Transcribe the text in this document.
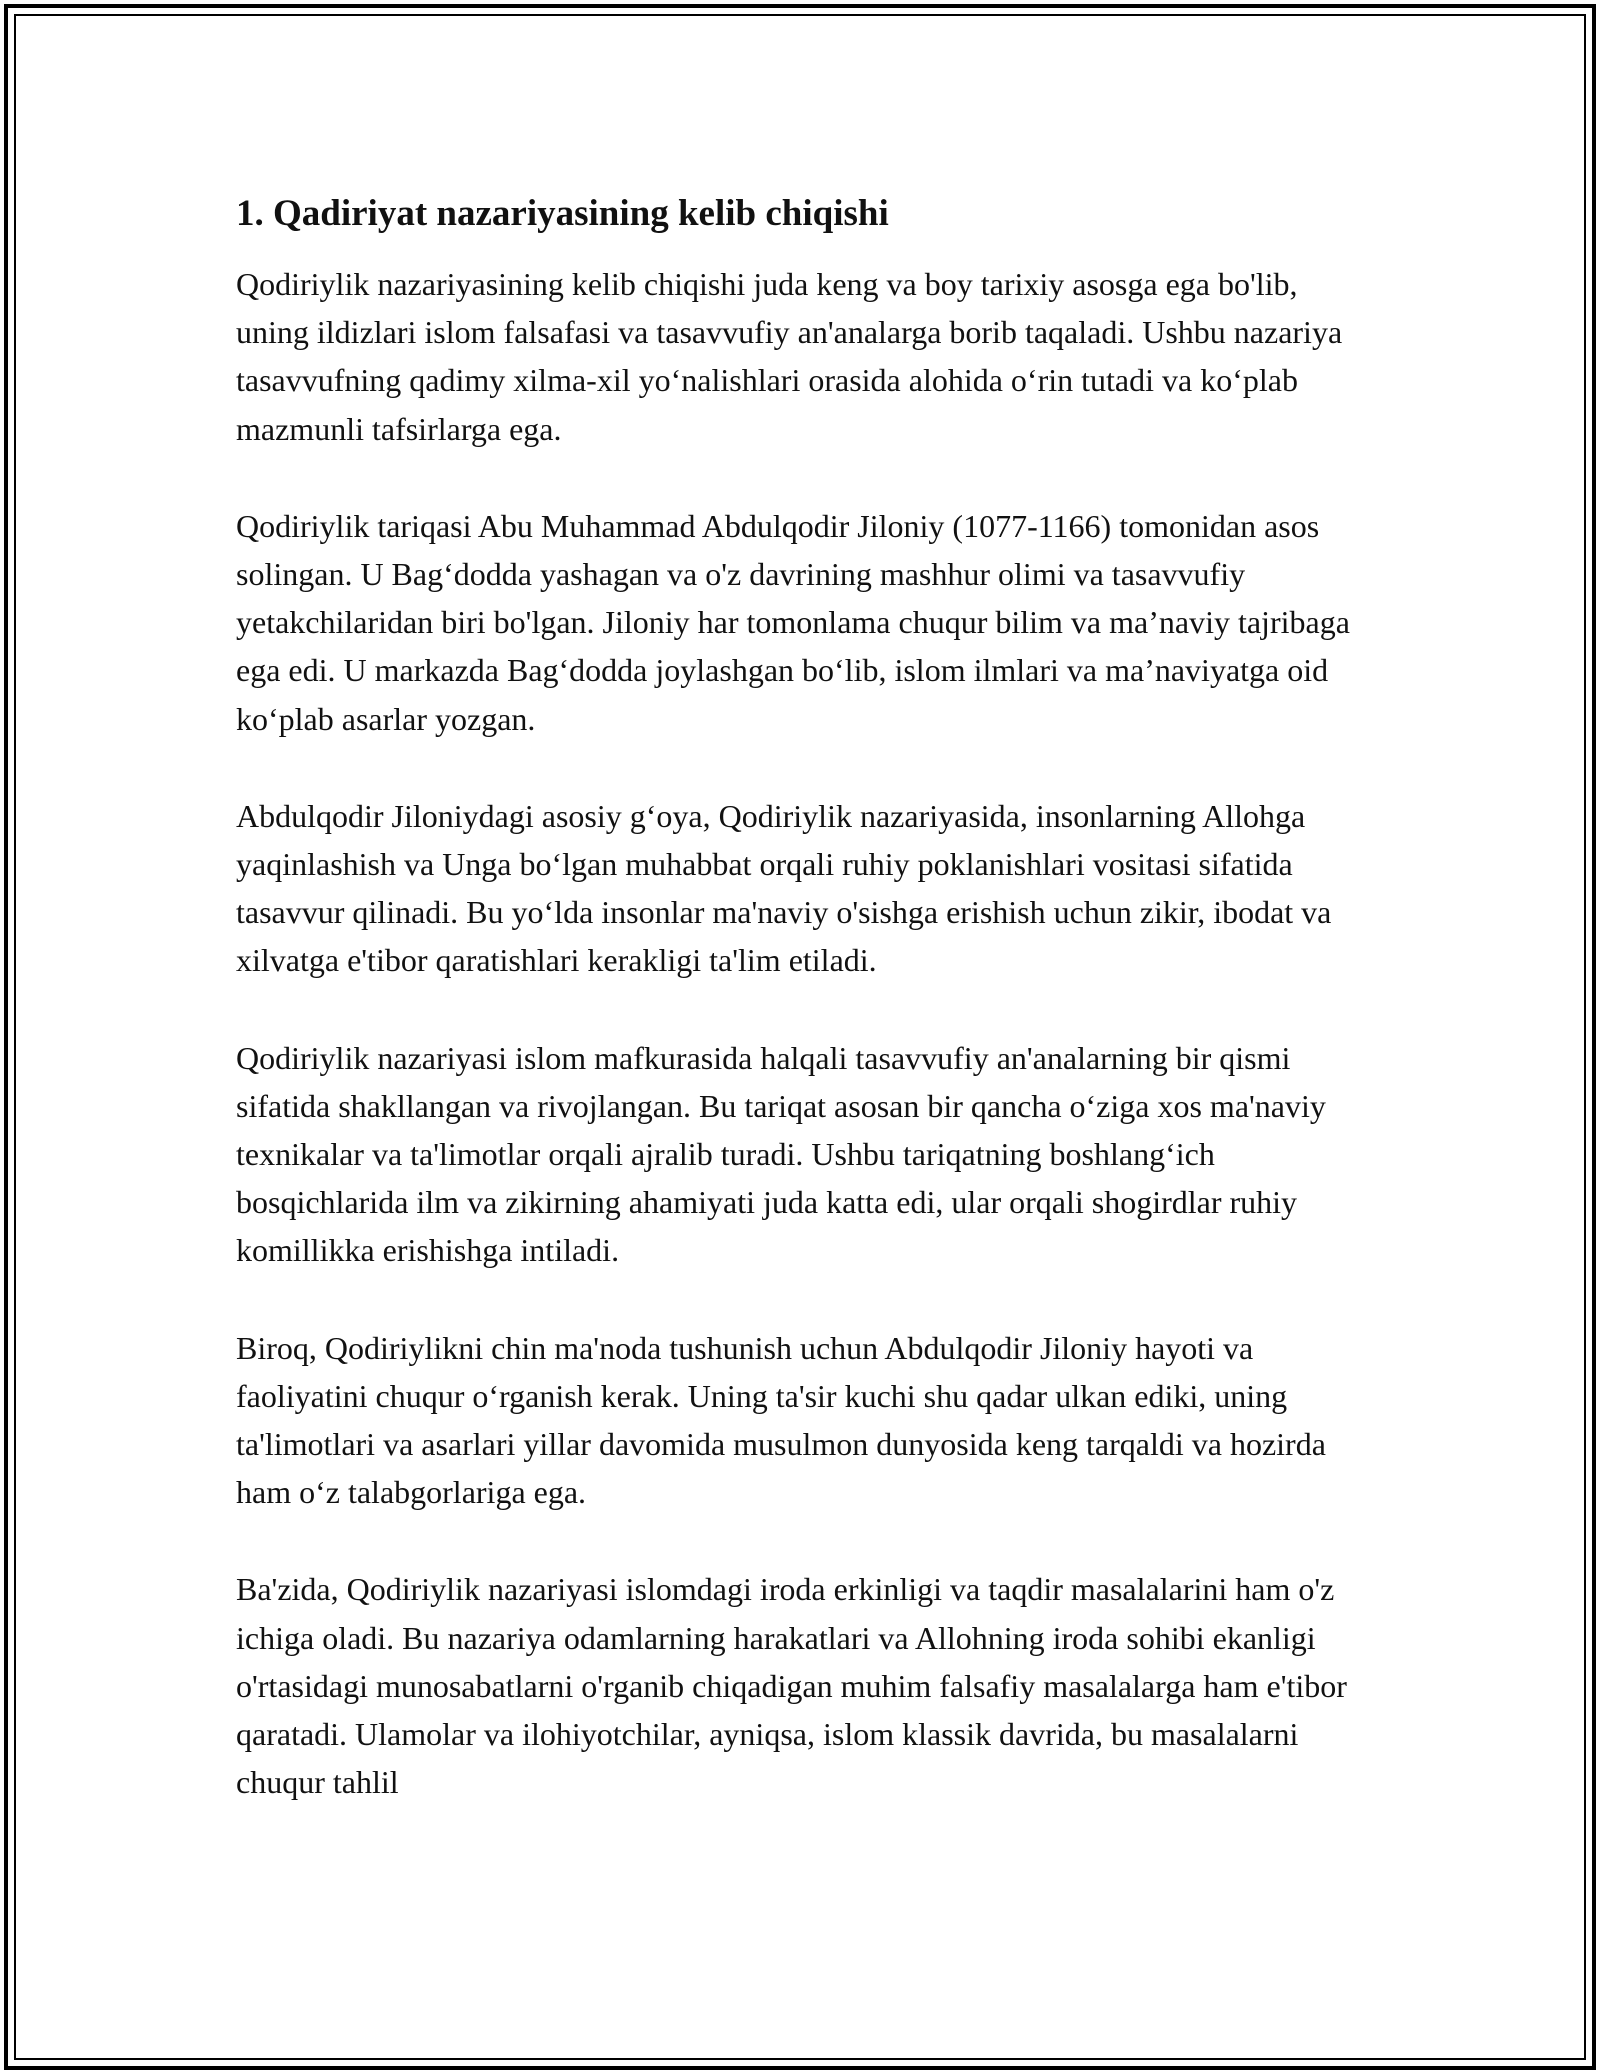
1. Qadiriyat nazariyasining kelib chiqishi

Qodiriylik nazariyasining kelib chiqishi juda keng va boy tarixiy asosga ega bo'lib, uning ildizlari islom falsafasi va tasavvufiy an'analarga borib taqaladi. Ushbu nazariya tasavvufning qadimy xilma-xil yo‘nalishlari orasida alohida o‘rin tutadi va ko‘plab mazmunli tafsirlarga ega.

Qodiriylik tariqasi Abu Muhammad Abdulqodir Jiloniy (1077-1166) tomonidan asos solingan. U Bag‘dodda yashagan va o'z davrining mashhur olimi va tasavvufiy yetakchilaridan biri bo'lgan. Jiloniy har tomonlama chuqur bilim va ma’naviy tajribaga ega edi. U markazda Bag‘dodda joylashgan bo‘lib, islom ilmlari va ma’naviyatga oid ko‘plab asarlar yozgan.

Abdulqodir Jiloniydagi asosiy g‘oya, Qodiriylik nazariyasida, insonlarning Allohga yaqinlashish va Unga bo‘lgan muhabbat orqali ruhiy poklanishlari vositasi sifatida tasavvur qilinadi. Bu yo‘lda insonlar ma'naviy o'sishga erishish uchun zikir, ibodat va xilvatga e'tibor qaratishlari kerakligi ta'lim etiladi.

Qodiriylik nazariyasi islom mafkurasida halqali tasavvufiy an'analarning bir qismi sifatida shakllangan va rivojlangan. Bu tariqat asosan bir qancha o‘ziga xos ma'naviy texnikalar va ta'limotlar orqali ajralib turadi. Ushbu tariqatning boshlang‘ich bosqichlarida ilm va zikirning ahamiyati juda katta edi, ular orqali shogirdlar ruhiy komillikka erishishga intiladi.

Biroq, Qodiriylikni chin ma'noda tushunish uchun Abdulqodir Jiloniy hayoti va faoliyatini chuqur o‘rganish kerak. Uning ta'sir kuchi shu qadar ulkan ediki, uning ta'limotlari va asarlari yillar davomida musulmon dunyosida keng tarqaldi va hozirda ham o‘z talabgorlariga ega.

Ba'zida, Qodiriylik nazariyasi islomdagi iroda erkinligi va taqdir masalalarini ham o'z ichiga oladi. Bu nazariya odamlarning harakatlari va Allohning iroda sohibi ekanligi o'rtasidagi munosabatlarni o'rganib chiqadigan muhim falsafiy masalalarga ham e'tibor qaratadi. Ulamolar va ilohiyotchilar, ayniqsa, islom klassik davrida, bu masalalarni chuqur tahlil
